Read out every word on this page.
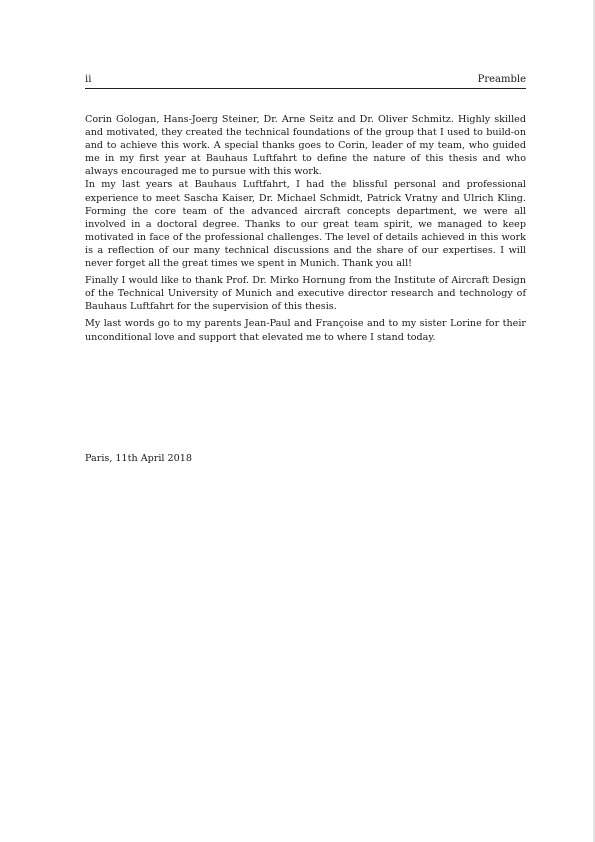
ii	Preamble

Corin Gologan, Hans-Joerg Steiner, Dr. Arne Seitz and Dr. Oliver Schmitz. Highly skilled and motivated, they created the technical foundations of the group that I used to build-on and to achieve this work. A special thanks goes to Corin, leader of my team, who guided me in my first year at Bauhaus Luftfahrt to define the nature of this thesis and who always encouraged me to pursue with this work.

In my last years at Bauhaus Luftfahrt, I had the blissful personal and professional experience to meet Sascha Kaiser, Dr. Michael Schmidt, Patrick Vratny and Ulrich Kling. Forming the core team of the advanced aircraft concepts department, we were all involved in a doctoral degree. Thanks to our great team spirit, we managed to keep motivated in face of the professional challenges. The level of details achieved in this work is a reflection of our many technical discussions and the share of our expertises. I will never forget all the great times we spent in Munich. Thank you all!

Finally I would like to thank Prof. Dr. Mirko Hornung from the Institute of Aircraft Design of the Technical University of Munich and executive director research and technology of Bauhaus Luftfahrt for the supervision of this thesis.

My last words go to my parents Jean-Paul and Françoise and to my sister Lorine for their unconditional love and support that elevated me to where I stand today.

Paris, 11th April 2018
